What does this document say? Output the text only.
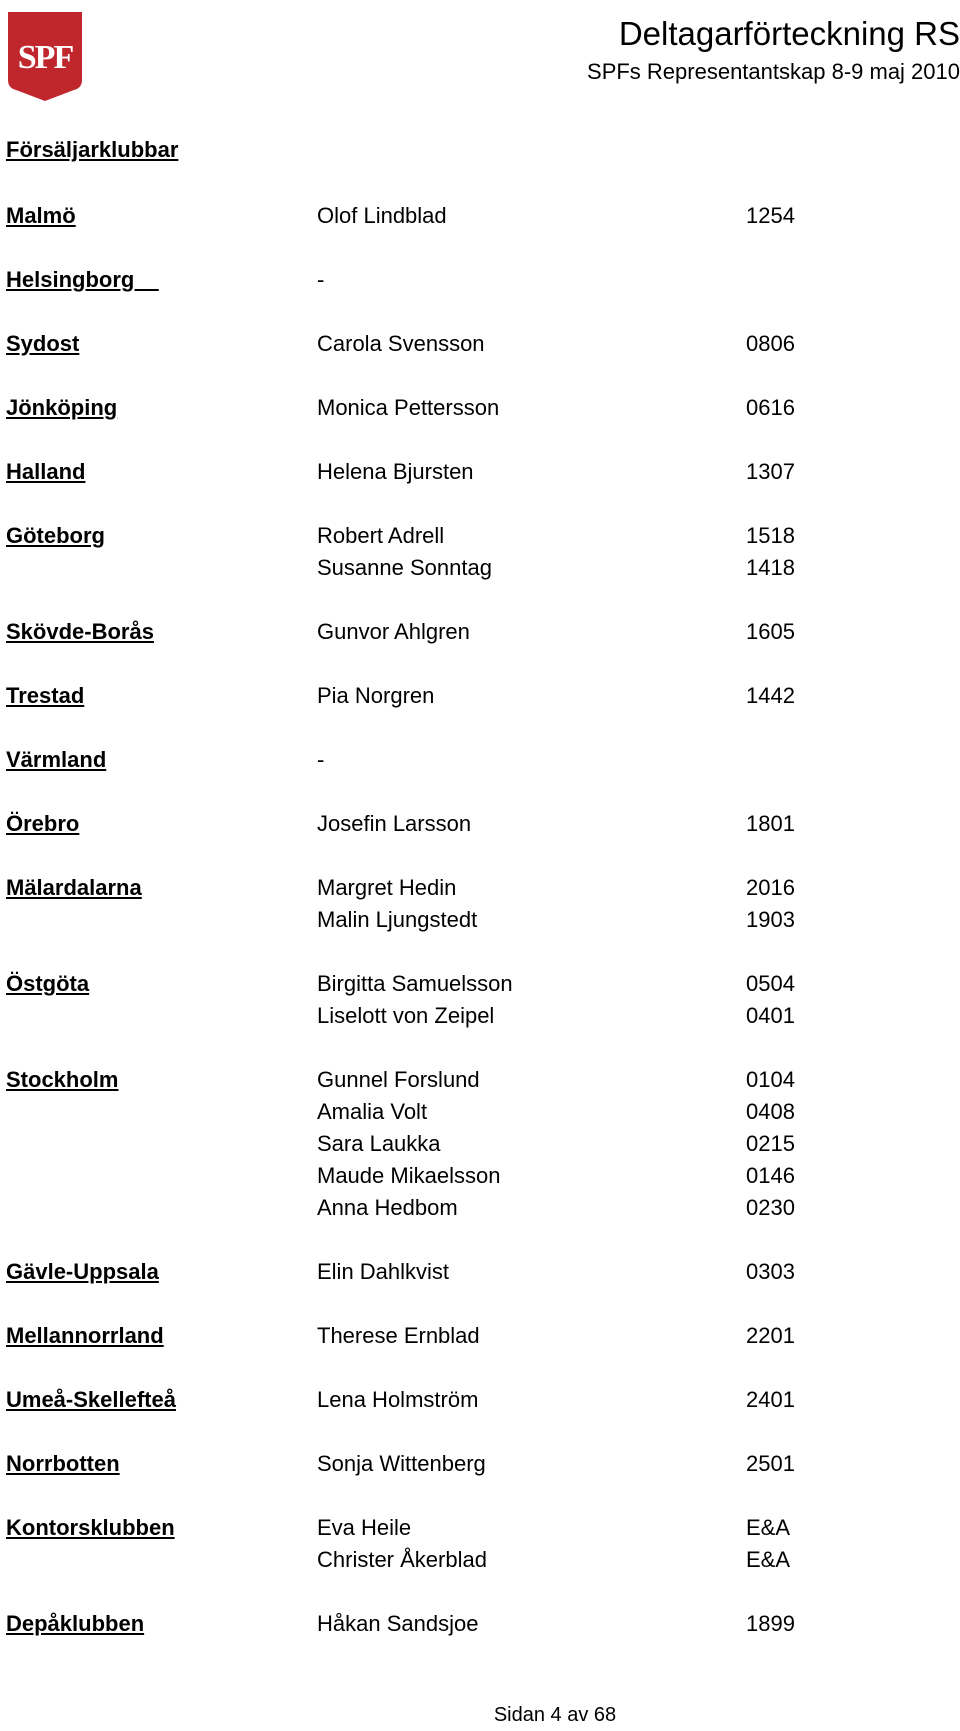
SPF
Deltagarförteckning RS
SPFs Representantskap 8-9 maj 2010
Försäljarklubbar
Malmö	Olof Lindblad	1254
Helsingborg	-
Sydost	Carola Svensson	0806
Jönköping	Monica Pettersson	0616
Halland	Helena Bjursten	1307
Göteborg	Robert Adrell	1518
Susanne Sonntag	1418
Skövde-Borås	Gunvor Ahlgren	1605
Trestad	Pia Norgren	1442
Värmland	-
Örebro	Josefin Larsson	1801
Mälardalarna	Margret Hedin	2016
Malin Ljungstedt	1903
Östgöta	Birgitta Samuelsson	0504
Liselott von Zeipel	0401
Stockholm	Gunnel Forslund	0104
Amalia Volt	0408
Sara Laukka	0215
Maude Mikaelsson	0146
Anna Hedbom	0230
Gävle-Uppsala	Elin Dahlkvist	0303
Mellannorrland	Therese Ernblad	2201
Umeå-Skellefteå	Lena Holmström	2401
Norrbotten	Sonja Wittenberg	2501
Kontorsklubben	Eva Heile	E&A
Christer Åkerblad	E&A
Depåklubben	Håkan Sandsjoe	1899
Sidan 4 av 68
